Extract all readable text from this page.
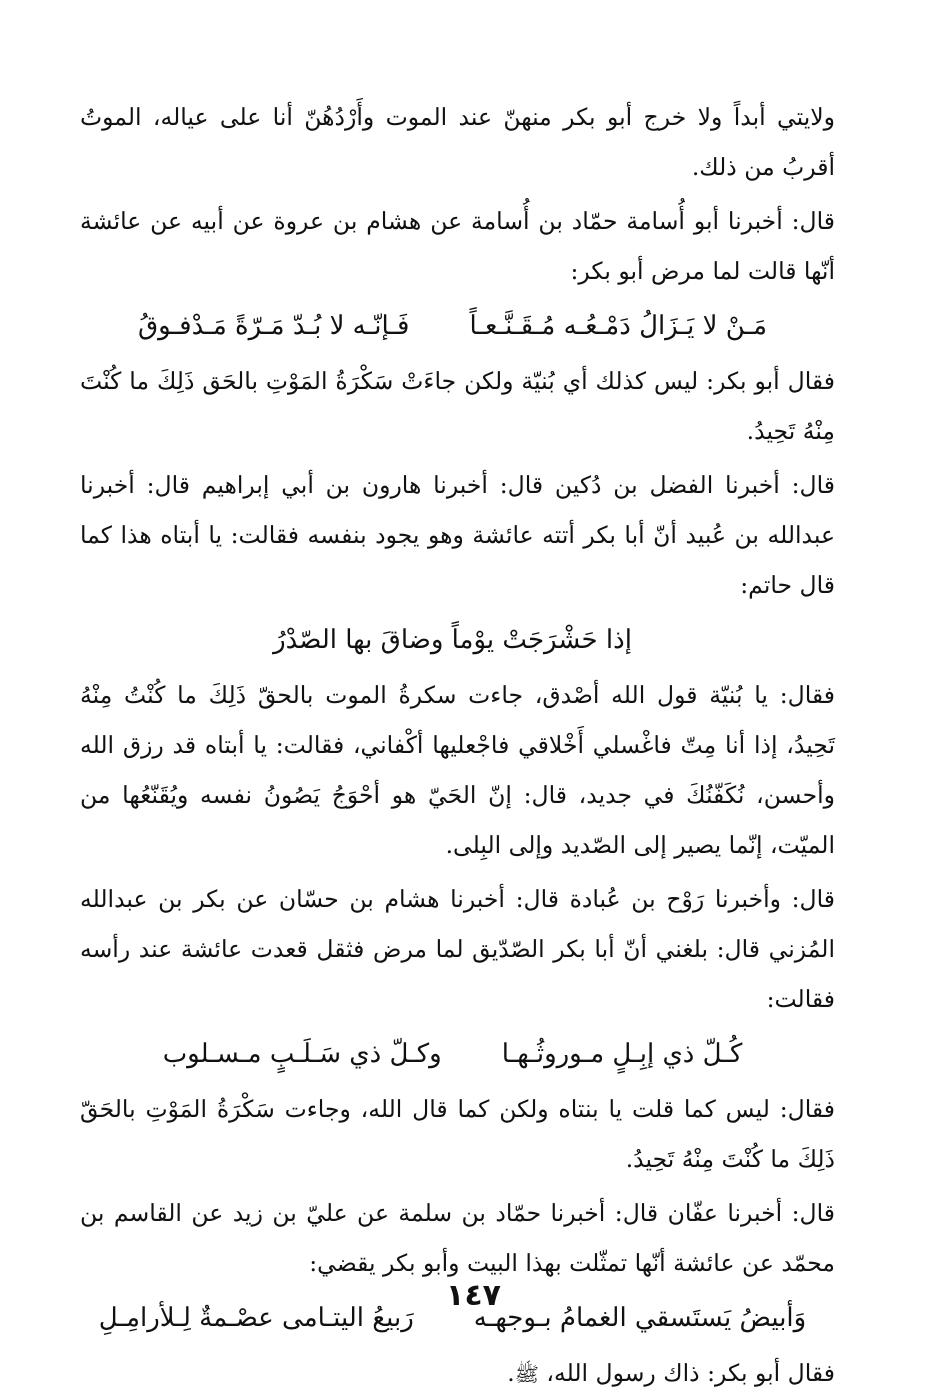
ولايتي أبداً ولا خرج أبو بكر منهنّ عند الموت وأَرْدُهُنّ أنا على عياله، الموتُ أقربُ من ذلك.

قال: أخبرنا أبو أُسامة حمّاد بن أُسامة عن هشام بن عروة عن أبيه عن عائشة أنّها قالت لما مرض أبو بكر:

مَـنْ لا يَـزَالُ دَمْـعُـه مُـقَـنَّـعـاً
فَـإنّـه لا بُـدّ مَـرّةً مَـدْفـوقُ

فقال أبو بكر: ليس كذلك أي بُنيّة ولكن جاءَتْ سَكْرَةُ المَوْتِ بالحَق ذَلِكَ ما كُنْتَ مِنْهُ تَحِيدُ.

قال: أخبرنا الفضل بن دُكين قال: أخبرنا هارون بن أبي إبراهيم قال: أخبرنا عبدالله بن عُبيد أنّ أبا بكر أتته عائشة وهو يجود بنفسه فقالت: يا أبتاه هذا كما قال حاتم:

إذا حَشْرَجَتْ يوْماً وضاقَ بها الصّدْرُ

فقال: يا بُنيّة قول الله أصْدق، جاءت سكرةُ الموت بالحقّ ذَلِكَ ما كُنْتُ مِنْهُ تَحِيدُ، إذا أنا مِتّ فاغْسلي أَخْلاقي فاجْعليها أكْفاني، فقالت: يا أبتاه قد رزق الله وأحسن، نُكَفّنُكَ في جديد، قال: إنّ الحَيّ هو أحْوَجُ يَصُونُ نفسه ويُقَنّعُها من الميّت، إنّما يصير إلى الصّديد وإلى البِلى.

قال: وأخبرنا رَوْح بن عُبادة قال: أخبرنا هشام بن حسّان عن بكر بن عبدالله المُزني قال: بلغني أنّ أبا بكر الصّدّيق لما مرض فثقل قعدت عائشة عند رأسه فقالت:

كُـلّ ذي إبِـلٍ مـوروثُـهـا
وكـلّ ذي سَـلَـبٍ مـسـلوب

فقال: ليس كما قلت يا بنتاه ولكن كما قال الله، وجاءت سَكْرَةُ المَوْتِ بالحَقّ ذَلِكَ ما كُنْتَ مِنْهُ تَحِيدُ.

قال: أخبرنا عفّان قال: أخبرنا حمّاد بن سلمة عن عليّ بن زيد عن القاسم بن محمّد عن عائشة أنّها تمثّلت بهذا البيت وأبو بكر يقضي:

وَأبيضُ يَستَسقي الغمامُ بـوجهـه
رَبيعُ اليتـامى عصْـمةٌ لِـلأرامِـلِ

فقال أبو بكر: ذاك رسول الله، ﷺ.

١٤٧
